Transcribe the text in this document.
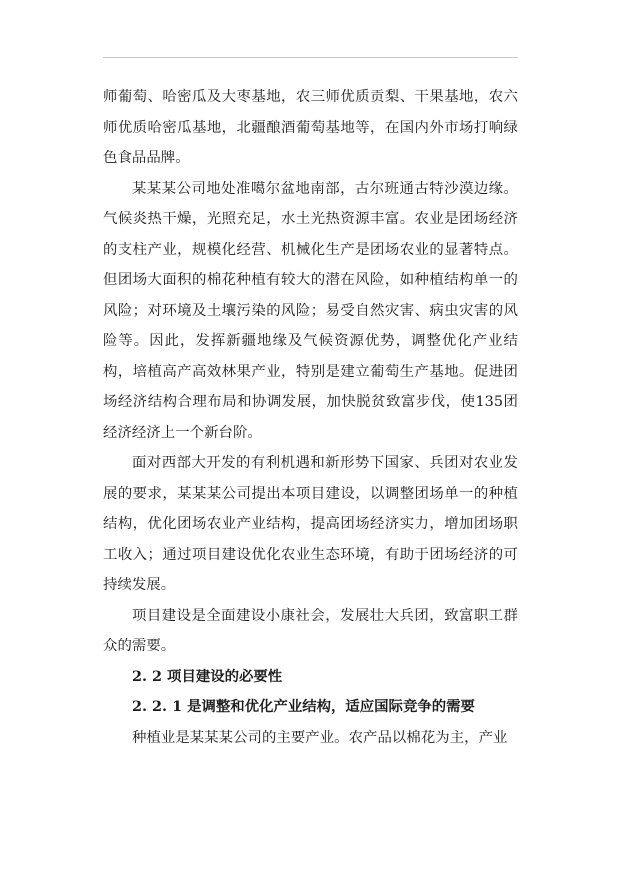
师葡萄、哈密瓜及大枣基地，农三师优质贡梨、干果基地，农六师优质哈密瓜基地，北疆酿酒葡萄基地等，在国内外市场打响绿色食品品牌。

某某某公司地处准噶尔盆地南部，古尔班通古特沙漠边缘。气候炎热干燥，光照充足，水土光热资源丰富。农业是团场经济的支柱产业，规模化经营、机械化生产是团场农业的显著特点。但团场大面积的棉花种植有较大的潜在风险，如种植结构单一的风险；对环境及土壤污染的风险；易受自然灾害、病虫灾害的风险等。因此，发挥新疆地缘及气候资源优势，调整优化产业结构，培植高产高效林果产业，特别是建立葡萄生产基地。促进团场经济结构合理布局和协调发展，加快脱贫致富步伐，使135团经济经济上一个新台阶。

面对西部大开发的有利机遇和新形势下国家、兵团对农业发展的要求，某某某公司提出本项目建设，以调整团场单一的种植结构，优化团场农业产业结构，提高团场经济实力，增加团场职工收入；通过项目建设优化农业生态环境，有助于团场经济的可持续发展。

项目建设是全面建设小康社会，发展壮大兵团，致富职工群众的需要。

2. 2 项目建设的必要性

2. 2. 1 是调整和优化产业结构，适应国际竞争的需要

种植业是某某某公司的主要产业。农产品以棉花为主，产业
